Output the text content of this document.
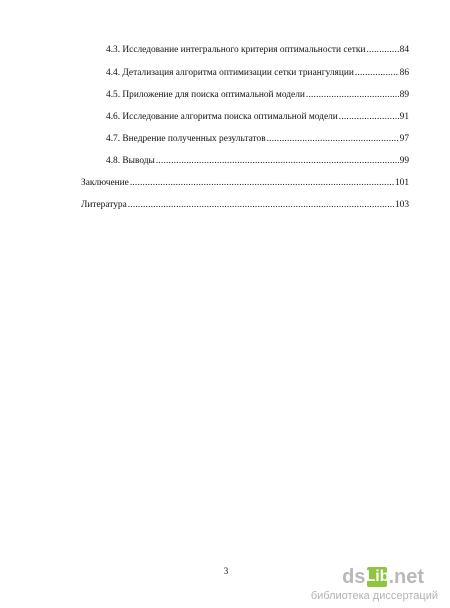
4.3. Исследование интегрального критерия оптимальности сетки .....	84
4.4. Детализация алгоритма оптимизации сетки триангуляции .....	86
4.5. Приложение для поиска оптимальной модели .....	89
4.6. Исследование алгоритма поиска оптимальной модели .....	91
4.7. Внедрение полученных результатов .....	97
4.8. Выводы .....	99
Заключение .....	101
Литература .....	103
3	ds Lib .net
библиотека диссертаций
